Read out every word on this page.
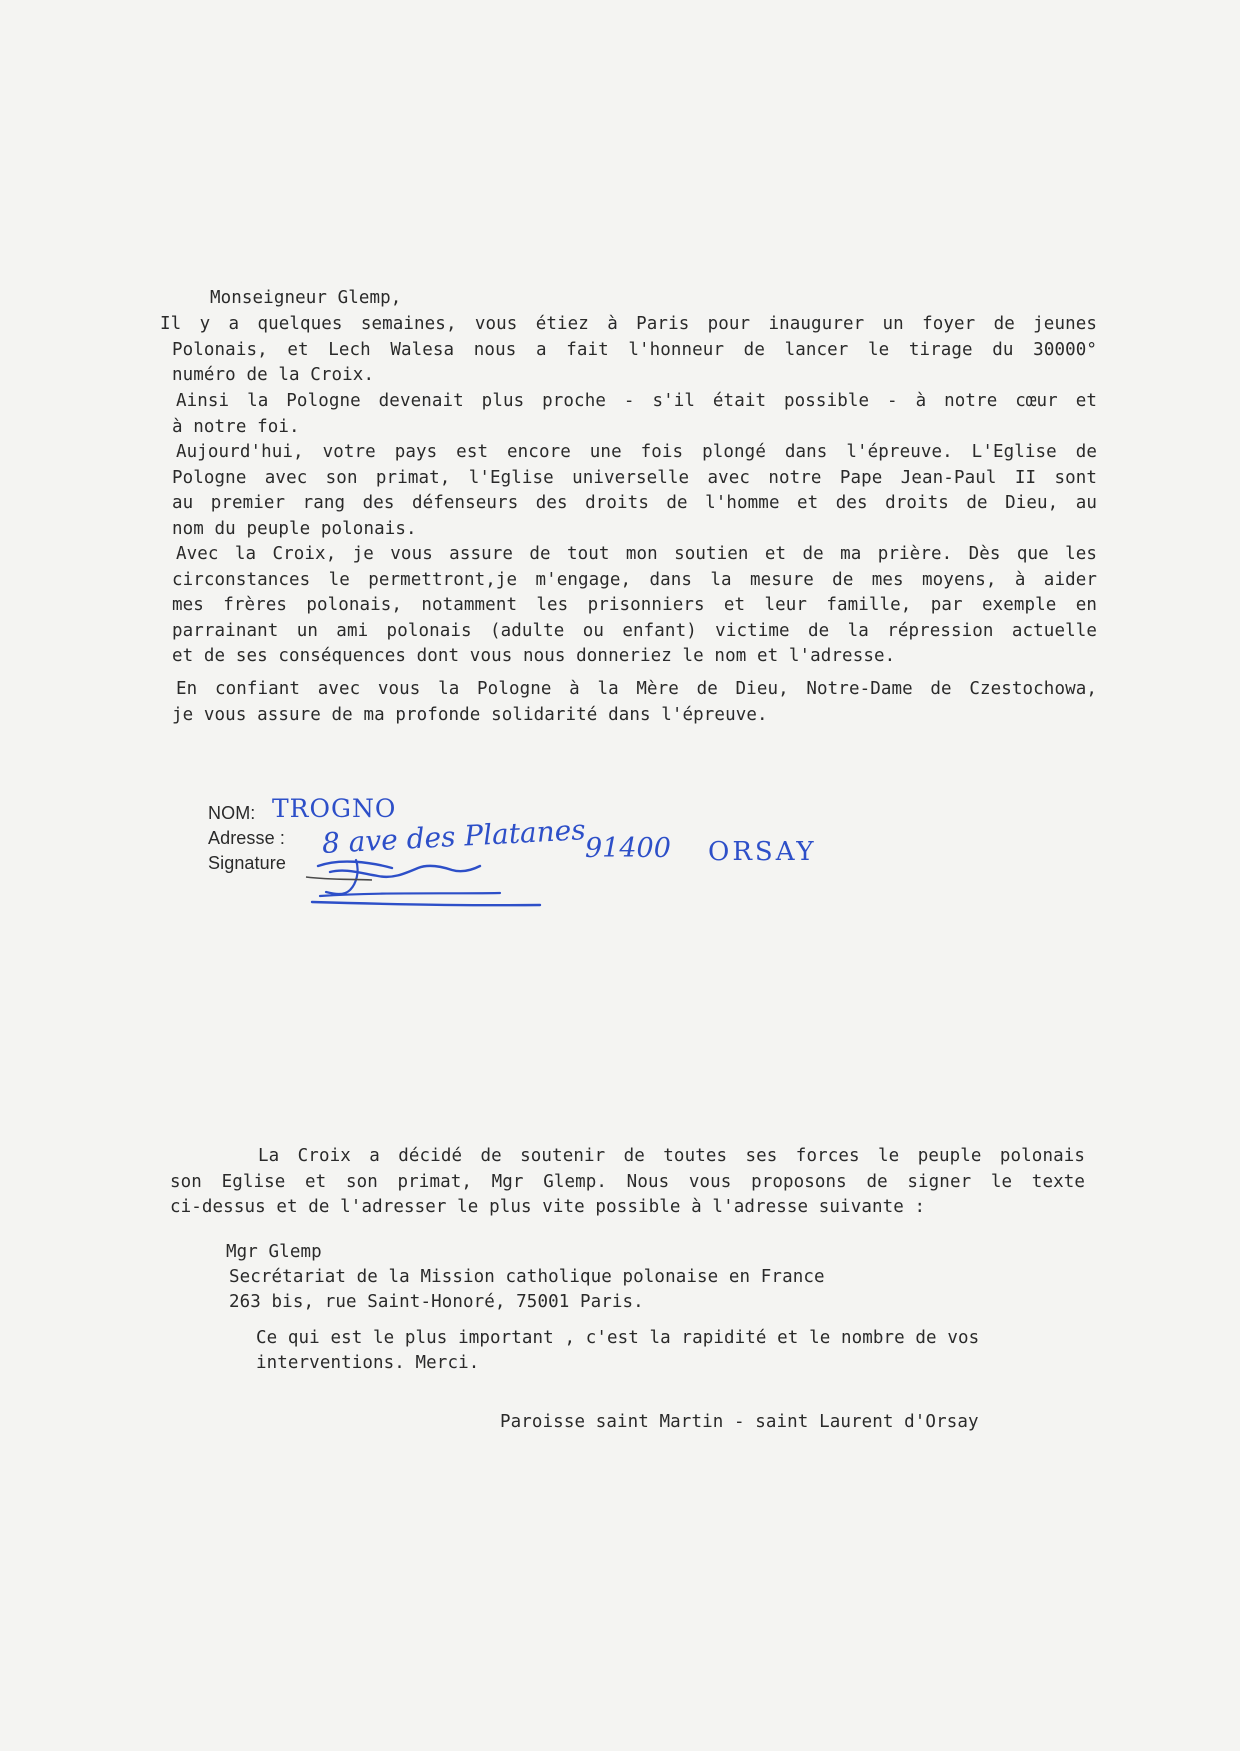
Monseigneur Glemp,
Il y a quelques semaines, vous étiez à Paris pour inaugurer un foyer de jeunes
Polonais, et Lech Walesa nous a fait l'honneur de lancer le tirage du 30000°
numéro de la Croix.
Ainsi la Pologne devenait plus proche - s'il était possible - à notre cœur et
à notre foi.
Aujourd'hui, votre pays est encore une fois plongé dans l'épreuve. L'Eglise de
Pologne avec son primat, l'Eglise universelle avec notre Pape Jean-Paul II sont
au premier rang des défenseurs des droits de l'homme et des droits de Dieu, au
nom du peuple polonais.
Avec la Croix, je vous assure de tout mon soutien et de ma prière. Dès que les
circonstances le permettront,je m'engage, dans la mesure de mes moyens, à aider
mes frères polonais, notamment les prisonniers et leur famille, par exemple en
parrainant un ami polonais (adulte ou enfant) victime de la répression actuelle
et de ses conséquences dont vous nous donneriez le nom et l'adresse.
En confiant avec vous la Pologne à la Mère de Dieu, Notre-Dame de Czestochowa,
je vous assure de ma profonde solidarité dans l'épreuve.
NOM:
Adresse :
Signature
TROGNO
8 ave des Platanes
91400 ORSAY
La Croix a décidé de soutenir de toutes ses forces le peuple polonais
son Eglise et son primat, Mgr Glemp. Nous vous proposons de signer le texte
ci-dessus et de l'adresser le plus vite possible à l'adresse suivante :
Mgr Glemp
Secrétariat de la Mission catholique polonaise en France
263 bis, rue Saint-Honoré, 75001 Paris.
Ce qui est le plus important , c'est la rapidité et le nombre de vos
interventions. Merci.
Paroisse saint Martin - saint Laurent d'Orsay
